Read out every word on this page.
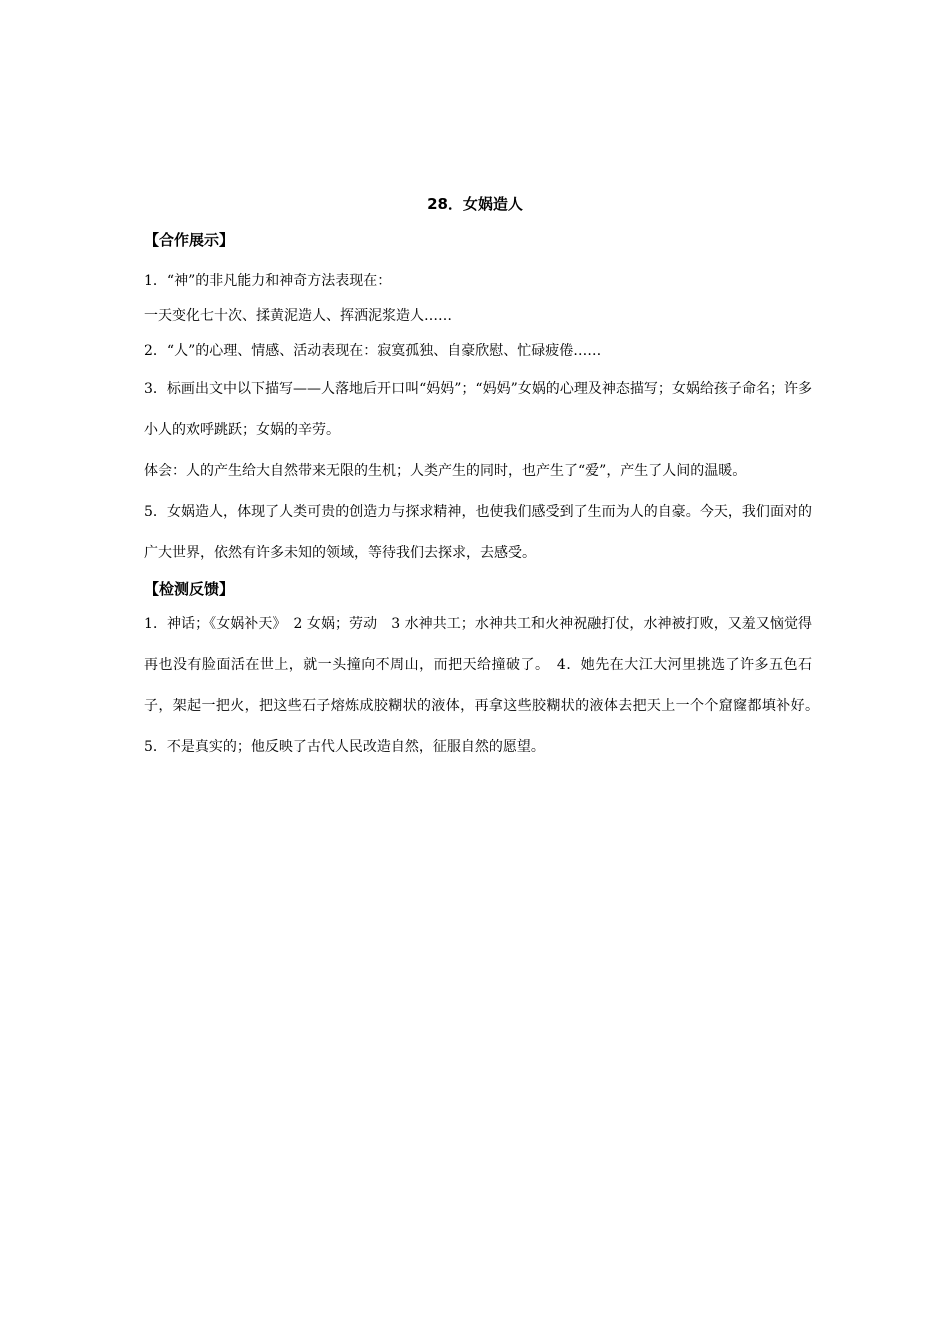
28．女娲造人
【合作展示】
1．“神”的非凡能力和神奇方法表现在：
一天变化七十次、揉黄泥造人、挥洒泥浆造人……
2．“人”的心理、情感、活动表现在：寂寞孤独、自豪欣慰、忙碌疲倦……
3．标画出文中以下描写——人落地后开口叫“妈妈”；“妈妈”女娲的心理及神态描写；女娲给孩子命名；许多小人的欢呼跳跃；女娲的辛劳。
体会：人的产生给大自然带来无限的生机；人类产生的同时，也产生了“爱”，产生了人间的温暖。
5．女娲造人，体现了人类可贵的创造力与探求精神，也使我们感受到了生而为人的自豪。今天，我们面对的广大世界，依然有许多未知的领域，等待我们去探求，去感受。
【检测反馈】
1．神话；《女娲补天》　2 女娲；劳动　3 水神共工；水神共工和火神祝融打仗，水神被打败，又羞又恼觉得再也没有脸面活在世上，就一头撞向不周山，而把天给撞破了。　4．她先在大江大河里挑选了许多五色石子，架起一把火，把这些石子熔炼成胶糊状的液体，再拿这些胶糊状的液体去把天上一个个窟窿都填补好。　5．不是真实的；他反映了古代人民改造自然，征服自然的愿望。
